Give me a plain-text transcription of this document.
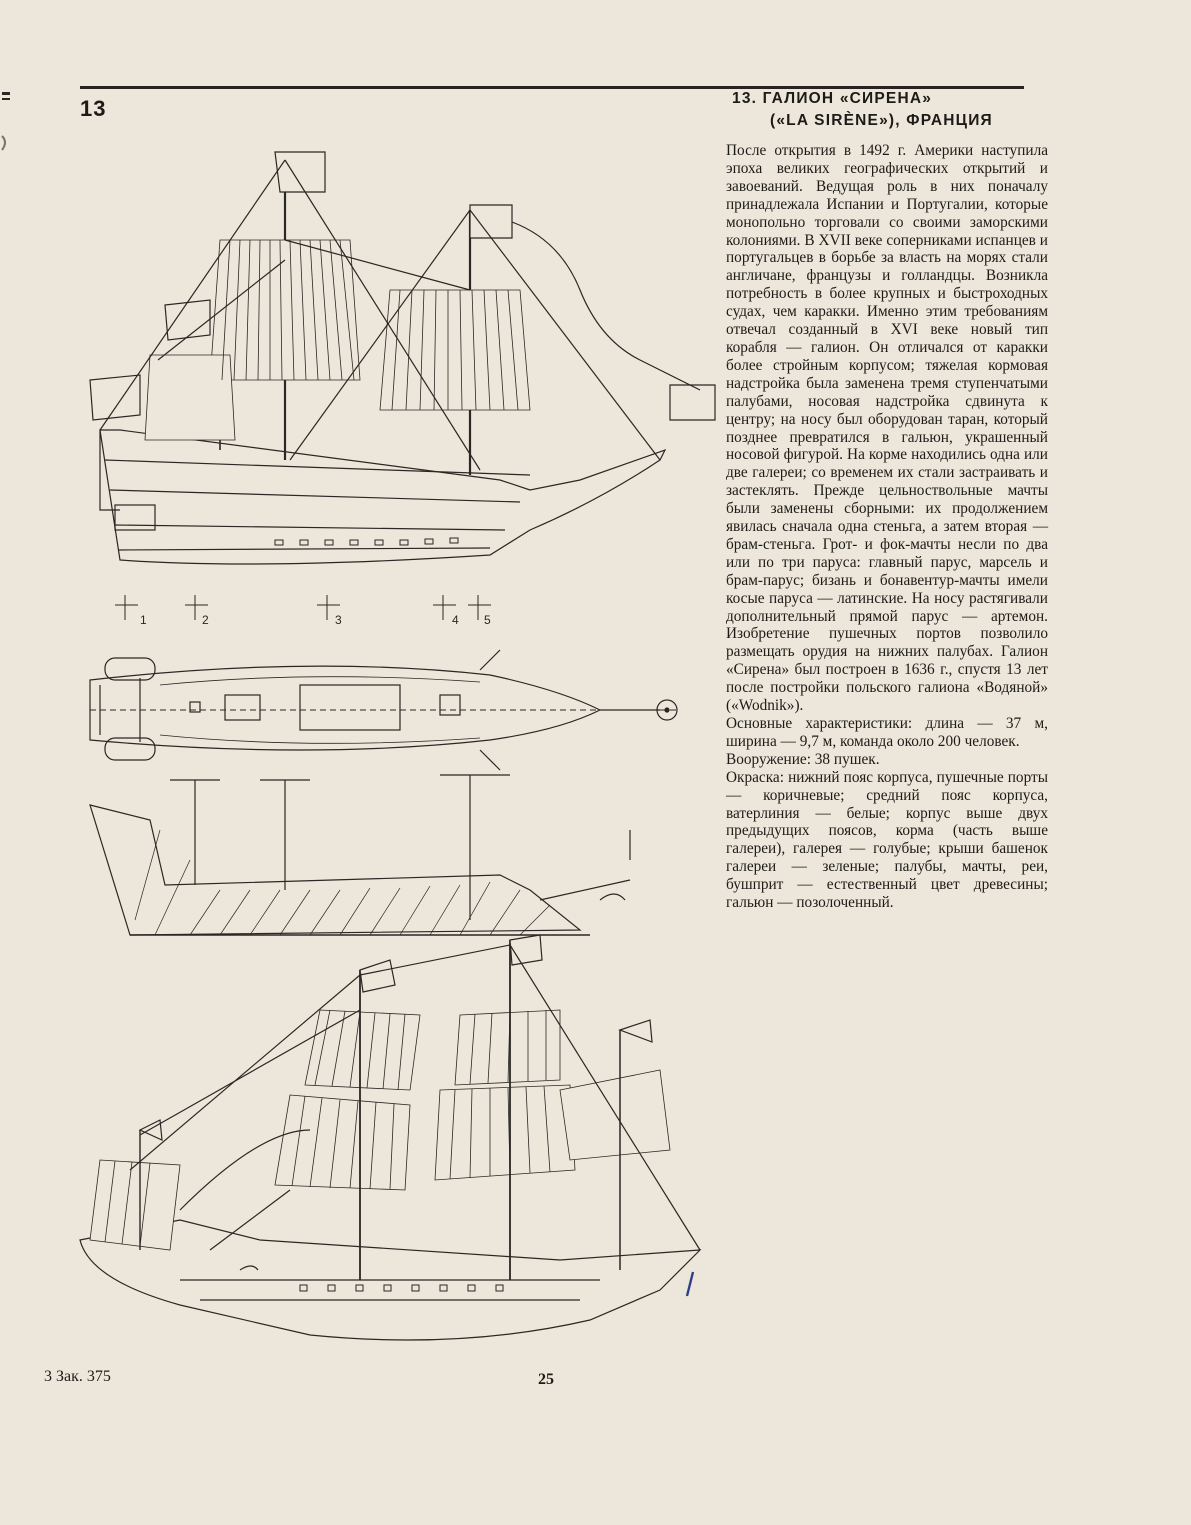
13	13. ГАЛИОН «СИРЕНА»
(«LA SIRÈNE»), ФРАНЦИЯ

После открытия в 1492 г. Америки наступила эпоха великих географических открытий и завоеваний. Ведущая роль в них поначалу принадлежала Испании и Португалии, которые монопольно торговали со своими заморскими колониями. В XVII веке соперниками испанцев и португальцев в борьбе за власть на морях стали англичане, французы и голландцы. Возникла потребность в более крупных и быстроходных судах, чем каракки. Именно этим требованиям отвечал созданный в XVI веке новый тип корабля — галион. Он отличался от каракки более стройным корпусом; тяжелая кормовая надстройка была заменена тремя ступенчатыми палубами, носовая надстройка сдвинута к центру; на носу был оборудован таран, который позднее превратился в гальюн, украшенный носовой фигурой. На корме находились одна или две галереи; со временем их стали застраивать и застеклять. Прежде цельноствольные мачты были заменены сборными: их продолжением явилась сначала одна стеньга, а затем вторая — брам-стеньга. Грот- и фок-мачты несли по два или по три паруса: главный парус, марсель и брам-парус; бизань и бонавентур-мачты имели косые паруса — латинские. На носу растягивали дополнительный прямой парус — артемон. Изобретение пушечных портов позволило размещать орудия на нижних палубах. Галион «Сирена» был построен в 1636 г., спустя 13 лет после постройки польского галиона «Водяной» («Wodnik»).

Основные характеристики: длина — 37 м, ширина — 9,7 м, команда около 200 человек.

Вооружение: 38 пушек.

Окраска: нижний пояс корпуса, пушечные порты — коричневые; средний пояс корпуса, ватерлиния — белые; корпус выше двух предыдущих поясов, корма (часть выше галереи), галерея — голубые; крыши башенок галереи — зеленые; палубы, мачты, реи, бушприт — естественный цвет древесины; гальюн — позолоченный.

1	2	3	4 5
3 Зак. 375	25
